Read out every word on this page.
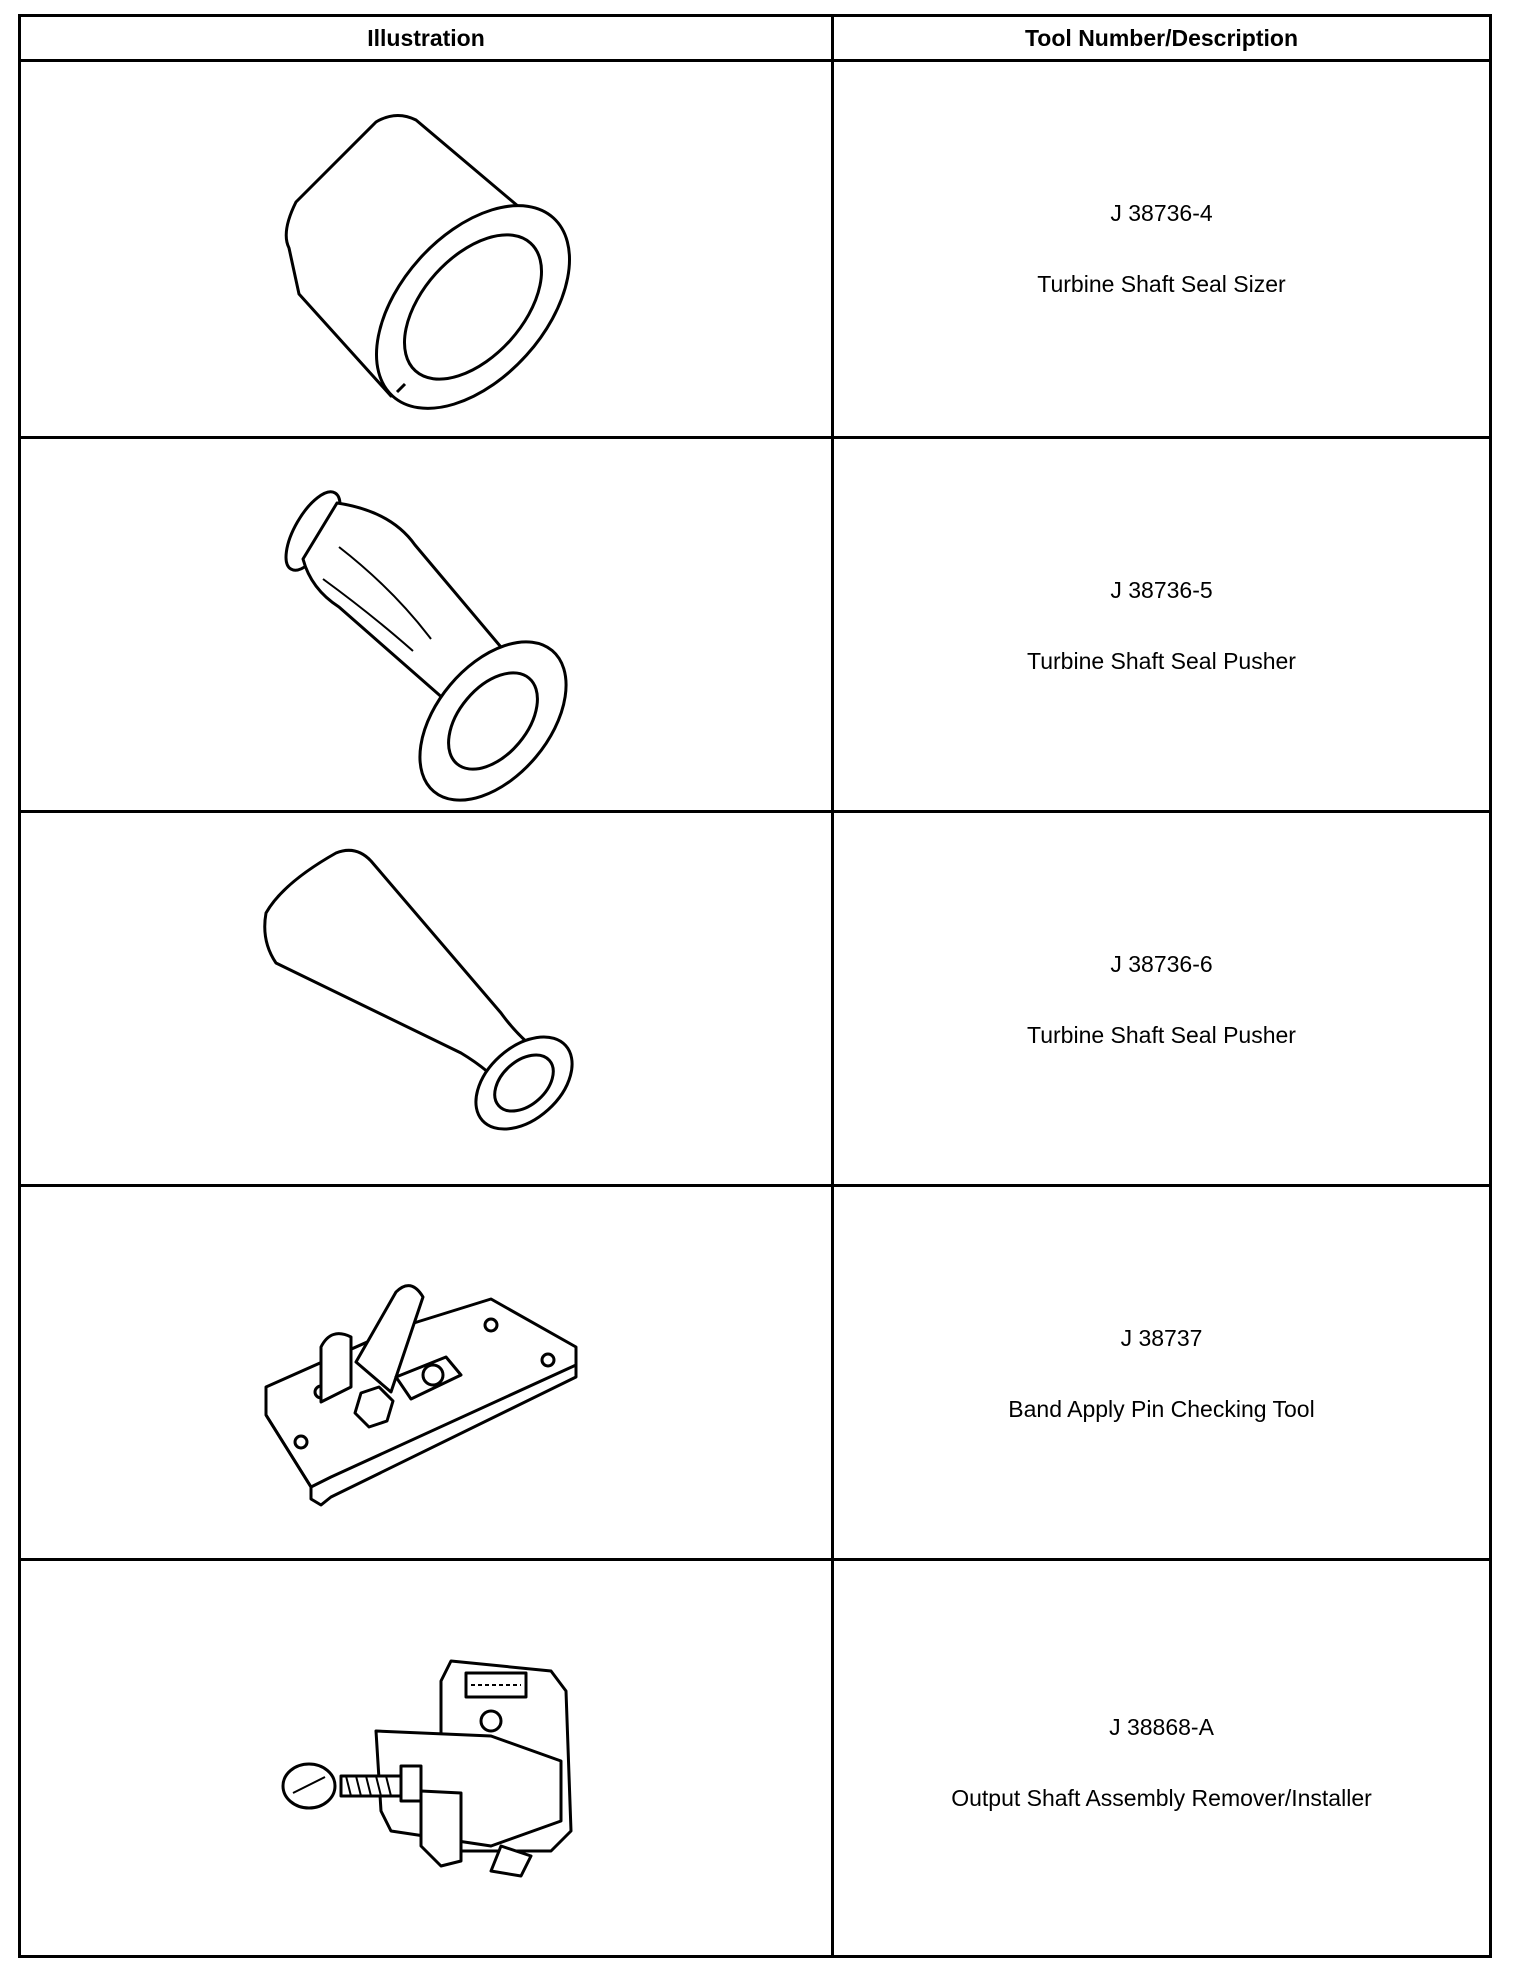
Illustration	Tool Number/Description
J 38736-4
Turbine Shaft Seal Sizer
J 38736-5
Turbine Shaft Seal Pusher
J 38736-6
Turbine Shaft Seal Pusher
J 38737
Band Apply Pin Checking Tool
J 38868-A
Output Shaft Assembly Remover/Installer
